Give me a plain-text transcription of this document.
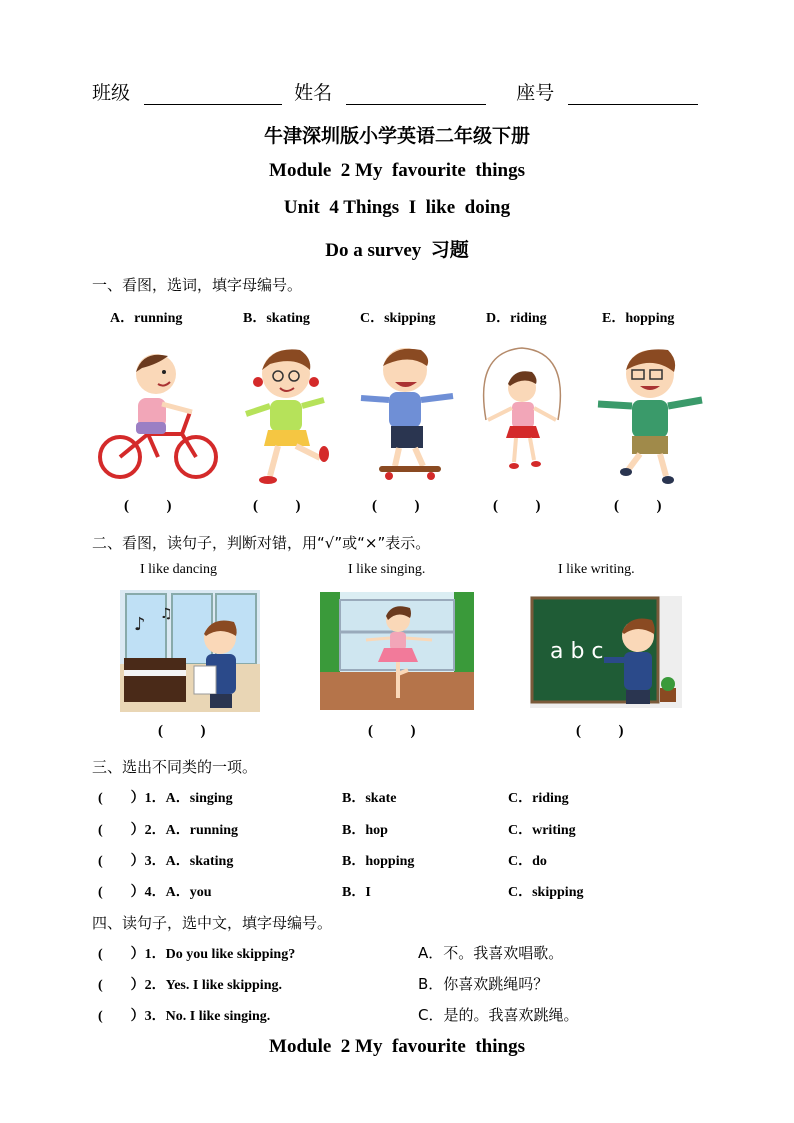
班级	姓名	座号
牛津深圳版小学英语二年级下册
Module  2 My  favourite  things
Unit  4 Things  I  like  doing
Do a survey  习题
一、看图，选词，填字母编号。
A．running	B．skating	C．skipping	D．riding	E．hopping
(          )	(          )	(          )	(          )	(          )
二、看图，读句子，判断对错，用“√”或“×”表示。
I like dancing	I like singing.	I like writing.
♪ ♫
a b c
(          )	(          )	(          )
三、选出不同类的一项。
(        ）1．A．singing	B．skate	C．riding
(        ）2．A．running	B．hop	C．writing
(        ）3．A．skating	B．hopping	C．do
(        ）4．A．you	B．I	C．skipping
四、读句子，选中文，填字母编号。
(        ）1．Do you like skipping?	A．不。我喜欢唱歌。
(        ）2．Yes. I like skipping.	B．你喜欢跳绳吗？
(        ）3．No. I like singing.	C．是的。我喜欢跳绳。
Module  2 My  favourite  things
